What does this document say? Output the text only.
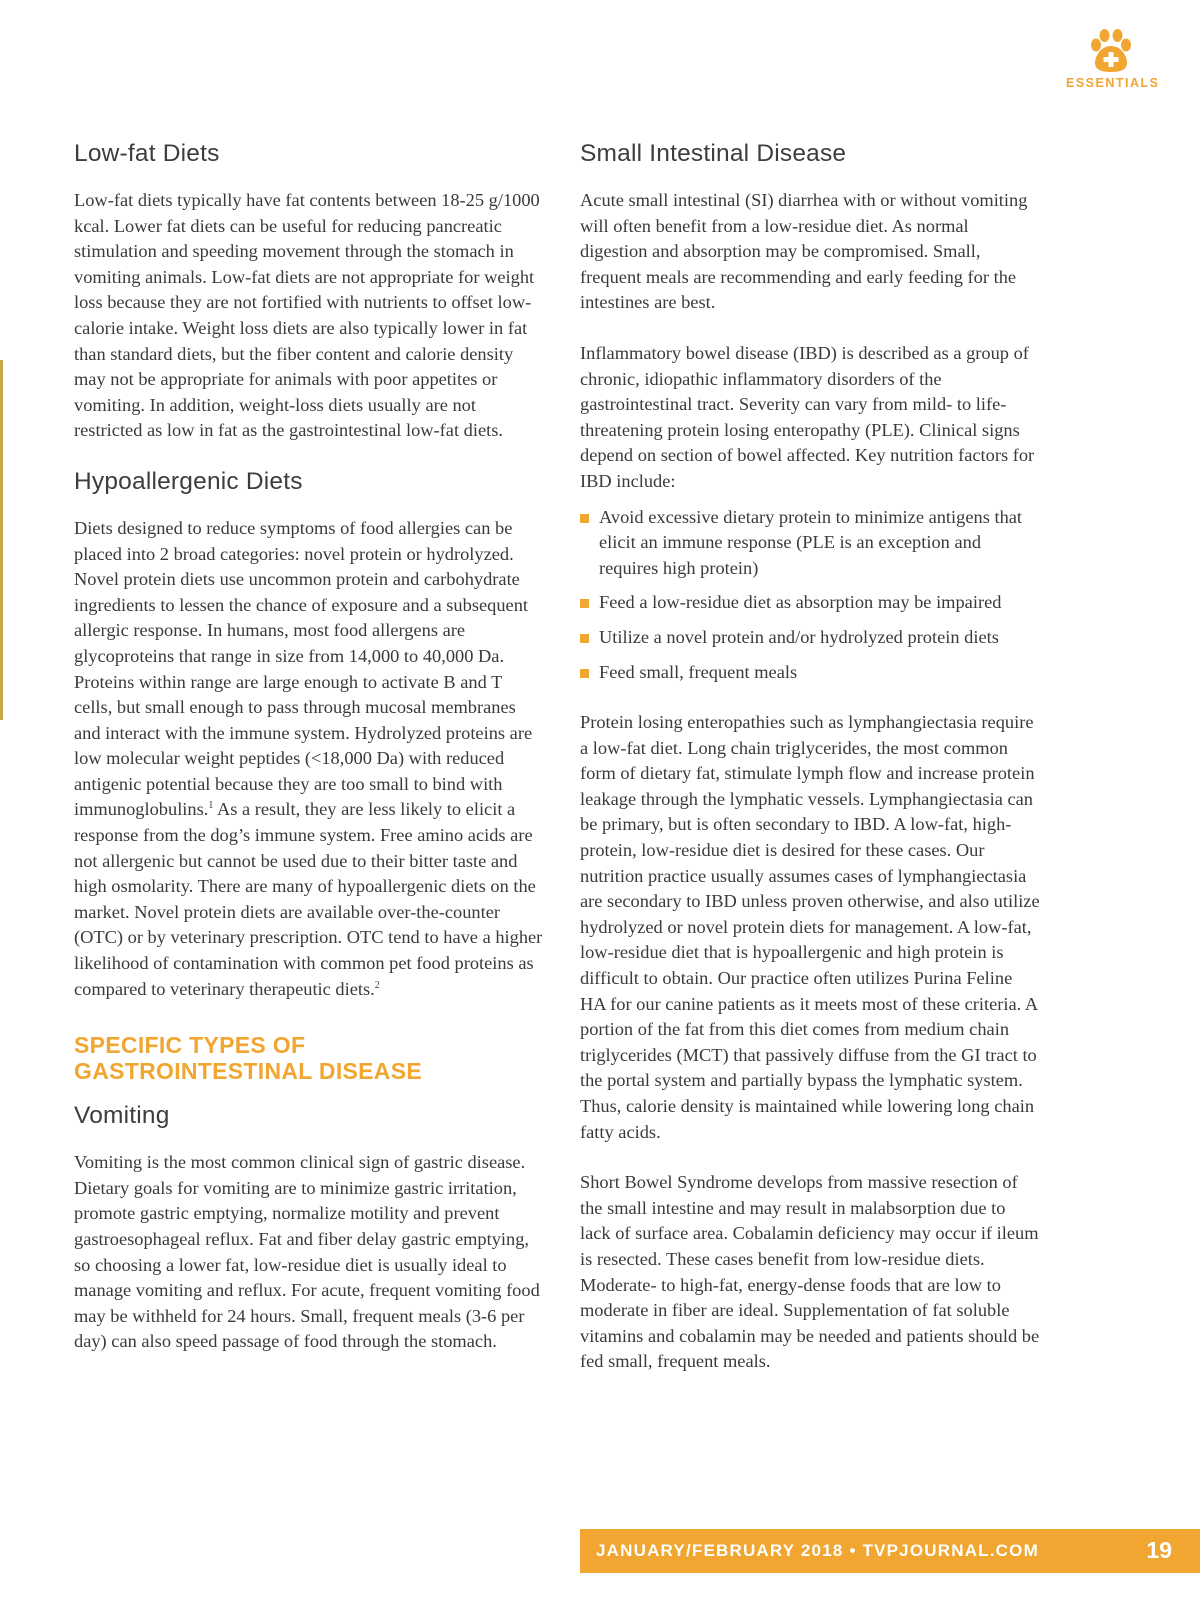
ESSENTIALS
Low-fat Diets

Low-fat diets typically have fat contents between 18-25 g/1000 kcal. Lower fat diets can be useful for reducing pancreatic stimulation and speeding movement through the stomach in vomiting animals. Low-fat diets are not appropriate for weight loss because they are not fortified with nutrients to offset low-calorie intake. Weight loss diets are also typically lower in fat than standard diets, but the fiber content and calorie density may not be appropriate for animals with poor appetites or vomiting. In addition, weight-loss diets usually are not restricted as low in fat as the gastrointestinal low-fat diets.

Hypoallergenic Diets

Diets designed to reduce symptoms of food allergies can be placed into 2 broad categories: novel protein or hydrolyzed. Novel protein diets use uncommon protein and carbohydrate ingredients to lessen the chance of exposure and a subsequent allergic response. In humans, most food allergens are glycoproteins that range in size from 14,000 to 40,000 Da. Proteins within range are large enough to activate B and T cells, but small enough to pass through mucosal membranes and interact with the immune system. Hydrolyzed proteins are low molecular weight peptides (<18,000 Da) with reduced antigenic potential because they are too small to bind with immunoglobulins.$^1$ As a result, they are less likely to elicit a response from the dog’s immune system. Free amino acids are not allergenic but cannot be used due to their bitter taste and high osmolarity. There are many of hypoallergenic diets on the market. Novel protein diets are available over-the-counter (OTC) or by veterinary prescription. OTC tend to have a higher likelihood of contamination with common pet food proteins as compared to veterinary therapeutic diets.$^2$

SPECIFIC TYPES OF GASTROINTESTINAL DISEASE
Vomiting

Vomiting is the most common clinical sign of gastric disease. Dietary goals for vomiting are to minimize gastric irritation, promote gastric emptying, normalize motility and prevent gastroesophageal reflux. Fat and fiber delay gastric emptying, so choosing a lower fat, low-residue diet is usually ideal to manage vomiting and reflux. For acute, frequent vomiting food may be withheld for 24 hours. Small, frequent meals (3-6 per day) can also speed passage of food through the stomach.

Small Intestinal Disease

Acute small intestinal (SI) diarrhea with or without vomiting will often benefit from a low-residue diet. As normal digestion and absorption may be compromised. Small, frequent meals are recommending and early feeding for the intestines are best.

Inflammatory bowel disease (IBD) is described as a group of chronic, idiopathic inflammatory disorders of the gastrointestinal tract. Severity can vary from mild- to life-threatening protein losing enteropathy (PLE). Clinical signs depend on section of bowel affected. Key nutrition factors for IBD include:

Avoid excessive dietary protein to minimize antigens that elicit an immune response (PLE is an exception and requires high protein)
Feed a low-residue diet as absorption may be impaired
Utilize a novel protein and/or hydrolyzed protein diets
Feed small, frequent meals

Protein losing enteropathies such as lymphangiectasia require a low-fat diet. Long chain triglycerides, the most common form of dietary fat, stimulate lymph flow and increase protein leakage through the lymphatic vessels. Lymphangiectasia can be primary, but is often secondary to IBD. A low-fat, high-protein, low-residue diet is desired for these cases. Our nutrition practice usually assumes cases of lymphangiectasia are secondary to IBD unless proven otherwise, and also utilize hydrolyzed or novel protein diets for management. A low-fat, low-residue diet that is hypoallergenic and high protein is difficult to obtain. Our practice often utilizes Purina Feline HA for our canine patients as it meets most of these criteria. A portion of the fat from this diet comes from medium chain triglycerides (MCT) that passively diffuse from the GI tract to the portal system and partially bypass the lymphatic system. Thus, calorie density is maintained while lowering long chain fatty acids.

Short Bowel Syndrome develops from massive resection of the small intestine and may result in malabsorption due to lack of surface area. Cobalamin deficiency may occur if ileum is resected. These cases benefit from low-residue diets. Moderate- to high-fat, energy-dense foods that are low to moderate in fiber are ideal. Supplementation of fat soluble vitamins and cobalamin may be needed and patients should be fed small, frequent meals.

JANUARY/FEBRUARY 2018 • TVPJOURNAL.COM	19
